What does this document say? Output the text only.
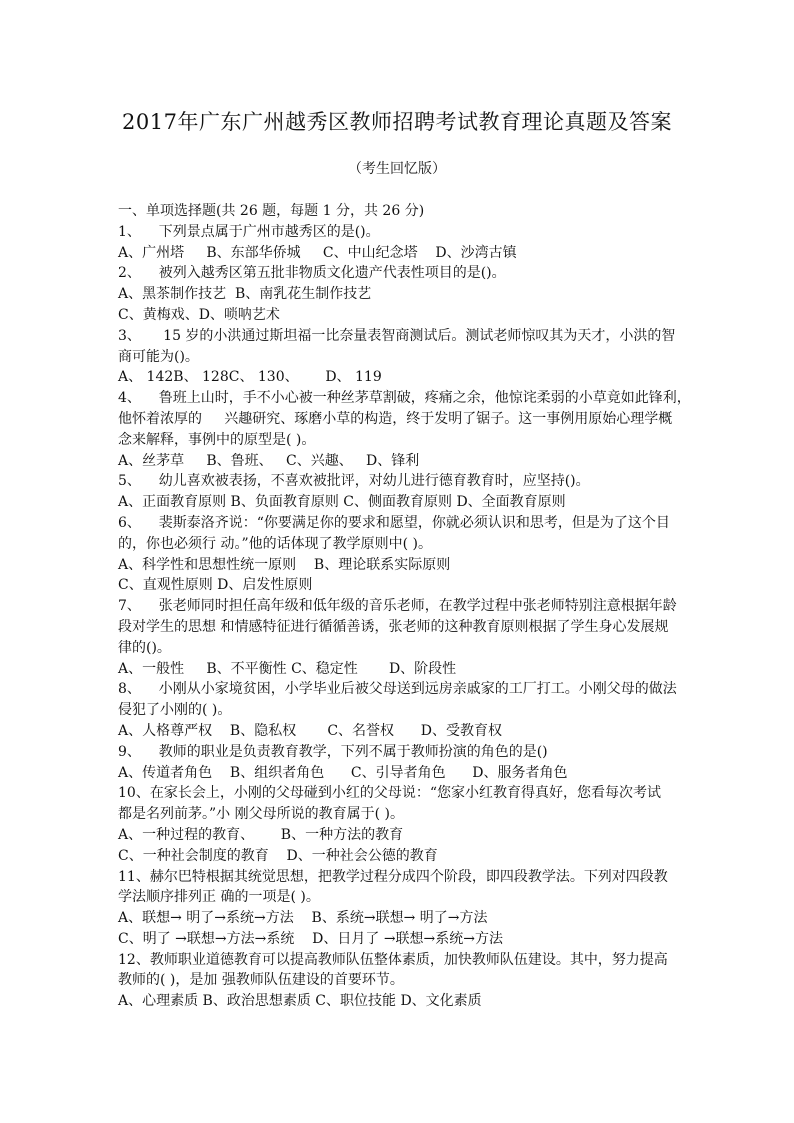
2017年广东广州越秀区教师招聘考试教育理论真题及答案
（考生回忆版）
一、单项选择题(共 26 题，每题 1 分，共 26 分)
1、    下列景点属于广州市越秀区的是()。
A、广州塔     B、东部华侨城     C、中山纪念塔    D、沙湾古镇
2、    被列入越秀区第五批非物质文化遗产代表性项目的是()。
A、黑茶制作技艺  B、南乳花生制作技艺
C、黄梅戏、D、唢呐艺术
3、     15 岁的小洪通过斯坦福一比奈量表智商测试后。测试老师惊叹其为天才，小洪的智
商可能为()。
A、 142B、 128C、 130、      D、 119
4、    鲁班上山时，手不小心被一种丝茅草割破，疼痛之余，他惊诧柔弱的小草竟如此锋利，
他怀着浓厚的     兴趣研究、琢磨小草的构造，终于发明了锯子。这一事例用原始心理学概
念来解释，事例中的原型是( )。
A、丝茅草     B、鲁班、   C、兴趣、   D、锋利
5、    幼儿喜欢被表扬，不喜欢被批评，对幼儿进行德育教育时，应坚持()。
A、正面教育原则 B、负面教育原则 C、侧面教育原则 D、全面教育原则
6、    裴斯泰洛齐说：“你要满足你的要求和愿望，你就必须认识和思考，但是为了这个目
的，你也必须行 动。”他的话体现了教学原则中( )。
A、科学性和思想性统一原则    B、理论联系实际原则
C、直观性原则 D、启发性原则
7、    张老师同时担任高年级和低年级的音乐老师，在教学过程中张老师特别注意根据年龄
段对学生的思想 和情感特征进行循循善诱，张老师的这种教育原则根据了学生身心发展规
律的()。
A、一般性     B、不平衡性 C、稳定性       D、阶段性
8、    小刚从小家境贫困，小学毕业后被父母送到远房亲戚家的工厂打工。小刚父母的做法
侵犯了小刚的( )。
A、人格尊严权    B、隐私权       C、名誉权      D、受教育权
9、    教师的职业是负责教育教学，下列不属于教师扮演的角色的是()
A、传道者角色    B、组织者角色      C、引导者角色      D、服务者角色
10、在家长会上，小刚的父母碰到小红的父母说：“您家小红教育得真好，您看每次考试
都是名列前茅。”小 刚父母所说的教育属于( )。
A、一种过程的教育、      B、一种方法的教育
C、一种社会制度的教育    D、一种社会公德的教育
11、赫尔巴特根据其统觉思想，把教学过程分成四个阶段，即四段教学法。下列对四段教
学法顺序排列正 确的一项是( )。
A、联想→ 明了→系统→方法    B、系统→联想→ 明了→方法
C、明了 →联想→方法→系统    D、日月了 →联想→系统→方法
12、教师职业道德教育可以提高教师队伍整体素质，加快教师队伍建设。其中，努力提高
教师的( )，是加 强教师队伍建设的首要环节。
A、心理素质 B、政治思想素质 C、职位技能 D、文化素质
